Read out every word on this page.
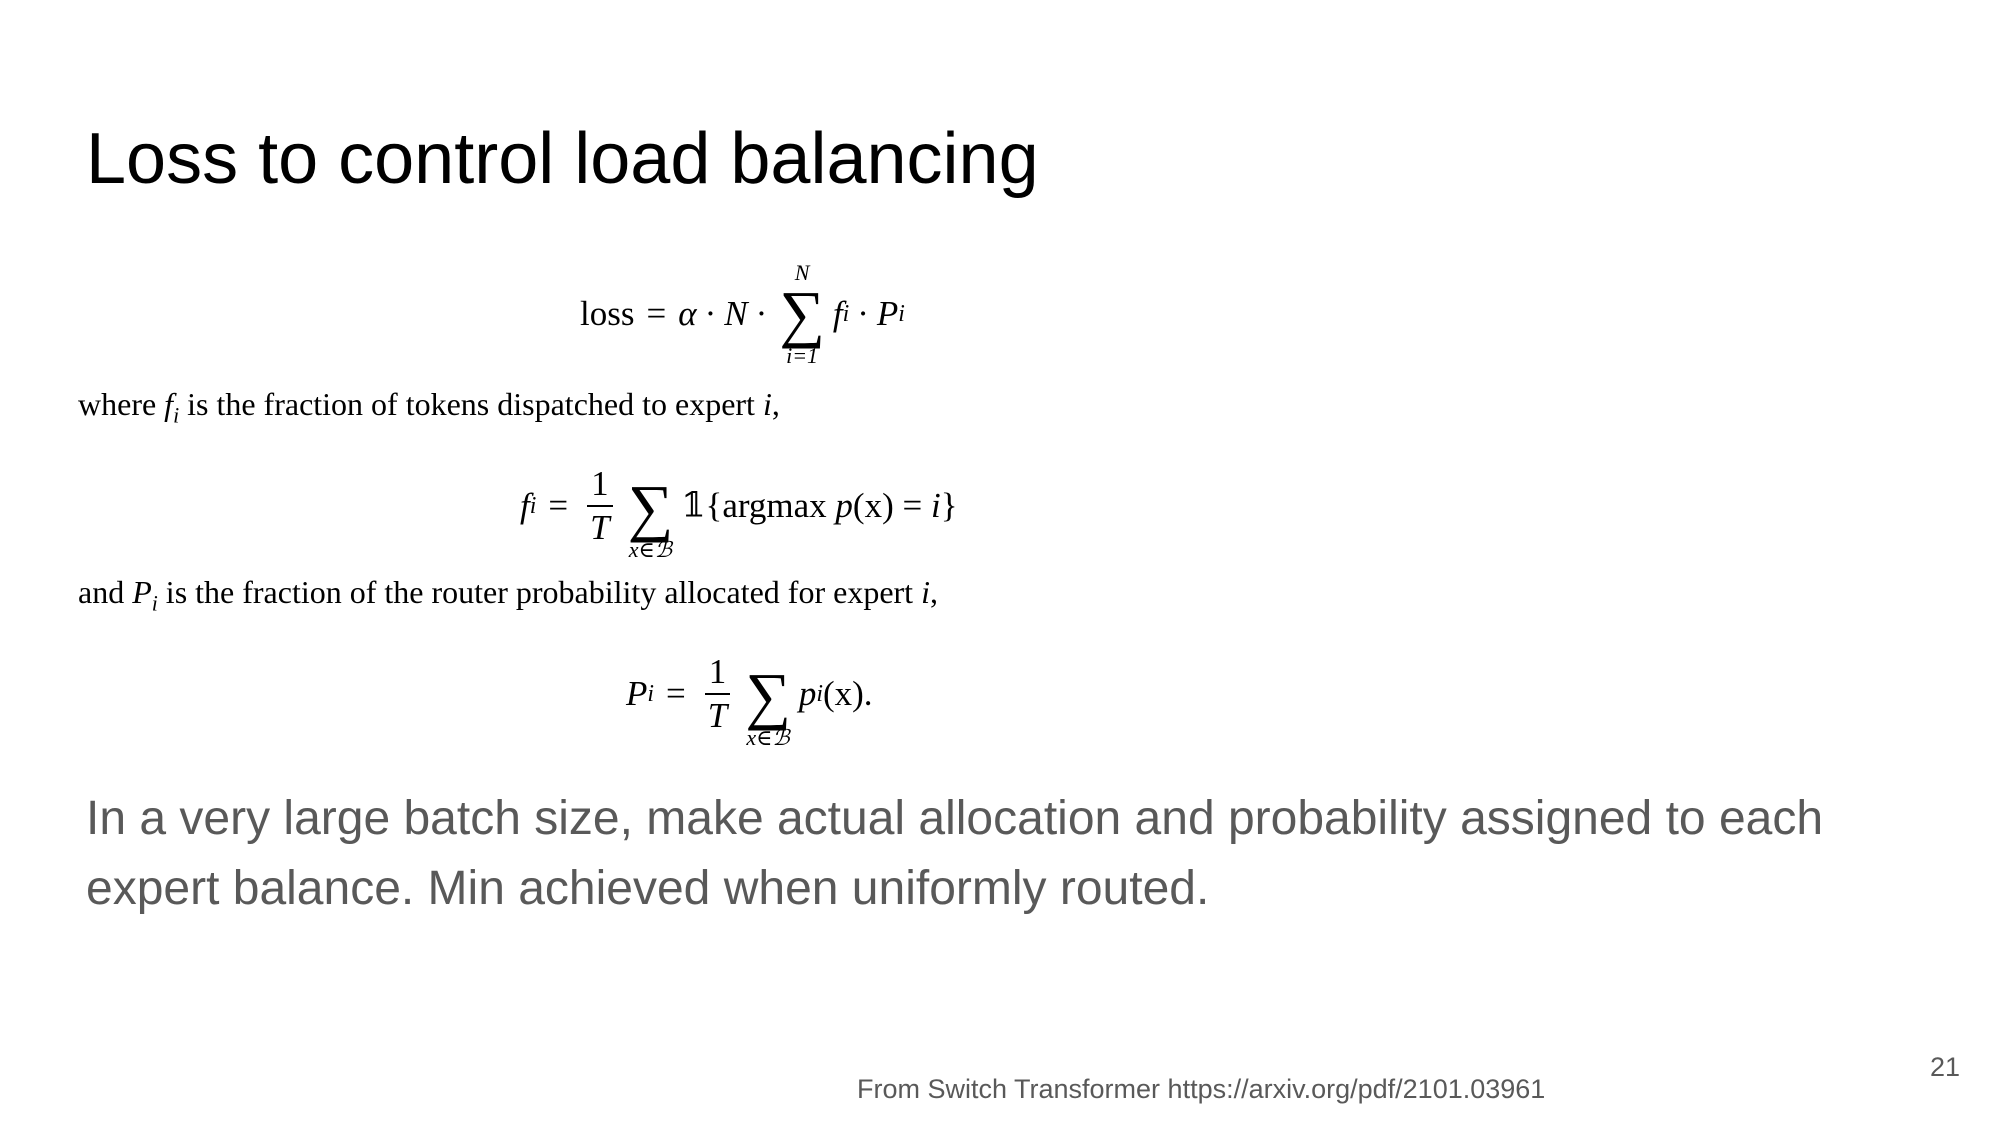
Loss to control load balancing
loss = α · N ·
N
∑
i=1
f i · P i
where $f_i$ is the fraction of tokens dispatched to expert i,
f $i = \frac{1}{T}$ ∑
x∈ℬ
𝟙{argmax p (x) = i }
and $P_i$ is the fraction of the router probability allocated for expert i,
P $i = \frac{1}{T}$ ∑
x∈ℬ
p i (x).

In a very large batch size, make actual allocation and probability assigned to each expert balance. Min achieved when uniformly routed.

From Switch Transformer https://arxiv.org/pdf/2101.03961
21
